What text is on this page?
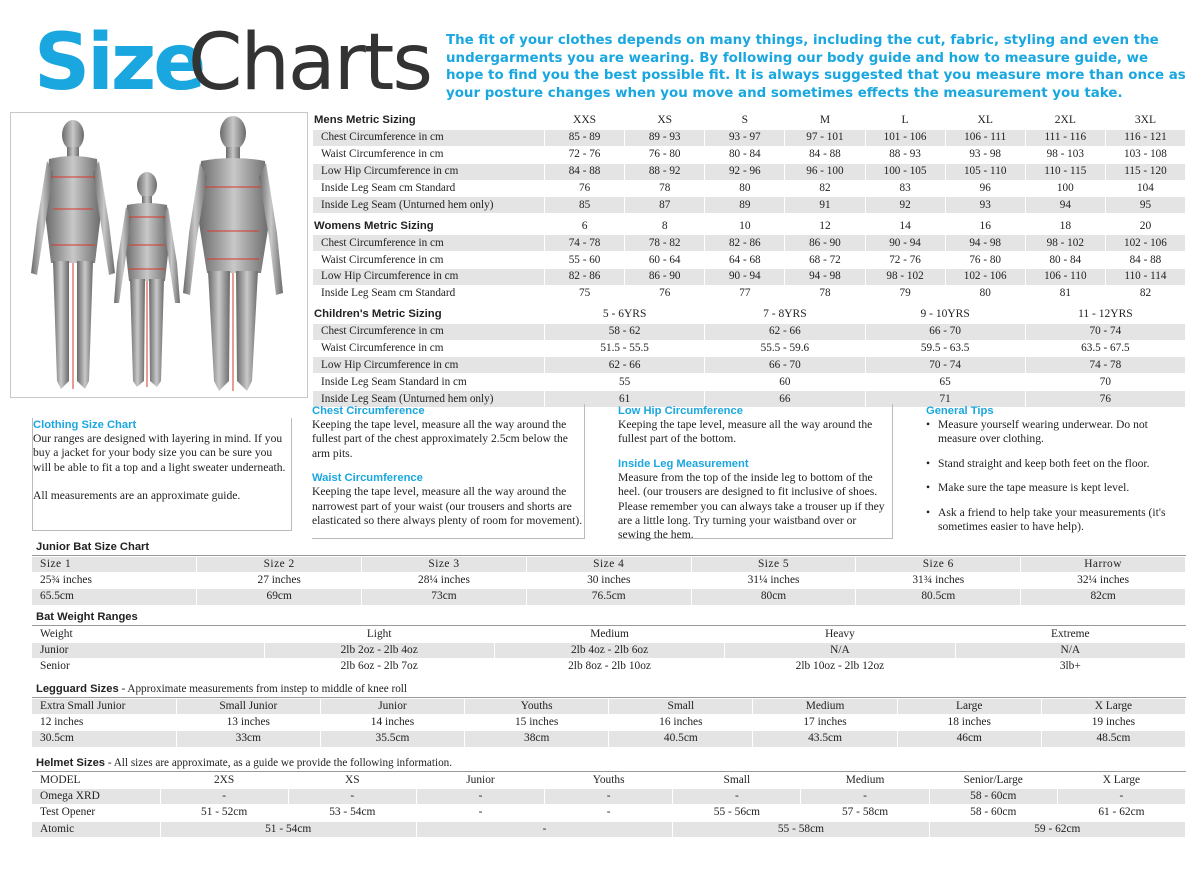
Size
Charts The fit of your clothes depends on many things, including the cut, fabric, styling and even the undergarments you are wearing. By following our body guide and how to measure guide, we hope to find you the best possible fit. It is always suggested that you measure more than once as your posture changes when you move and sometimes effects the measurement you take.
Mens Metric Sizing	XXS	XS	S	M	L	XL	2XL	3XL
Chest Circumference in cm	85 - 89	89 - 93	93 - 97	97 - 101	101 - 106	106 - 111	111 - 116	116 - 121
Waist Circumference in cm	72 - 76	76 - 80	80 - 84	84 - 88	88 - 93	93 - 98	98 - 103	103 - 108
Low Hip Circumference in cm	84 - 88	88 - 92	92 - 96	96 - 100	100 - 105	105 - 110	110 - 115	115 - 120
Inside Leg Seam cm Standard	76	78	80	82	83	96	100	104
Inside Leg Seam (Unturned hem only)	85	87	89	91	92	93	94	95

Womens Metric Sizing	6	8	10	12	14	16	18	20
Chest Circumference in cm	74 - 78	78 - 82	82 - 86	86 - 90	90 - 94	94 - 98	98 - 102	102 - 106
Waist Circumference in cm	55 - 60	60 - 64	64 - 68	68 - 72	72 - 76	76 - 80	80 - 84	84 - 88
Low Hip Circumference in cm	82 - 86	86 - 90	90 - 94	94 - 98	98 - 102	102 - 106	106 - 110	110 - 114
Inside Leg Seam cm Standard	75	76	77	78	79	80	81	82

Children's Metric Sizing	5 - 6YRS		7 - 8YRS		9 - 10YRS		11 - 12YRS	
Chest Circumference in cm	58 - 62		62 - 66		66 - 70		70 - 74	
Waist Circumference in cm	51.5 - 55.5		55.5 - 59.6		59.5 - 63.5		63.5 - 67.5	
Low Hip Circumference in cm	62 - 66		66 - 70		70 - 74		74 - 78	
Inside Leg Seam Standard in cm	55		60		65		70	
Inside Leg Seam (Unturned hem only)	61		66		71		76	
Clothing Size Chart
Our ranges are designed with layering in mind. If you buy a jacket for your body size you can be sure you will be able to fit a top and a light sweater underneath.
All measurements are an approximate guide.
Chest Circumference
Keeping the tape level, measure all the way around the fullest part of the chest approximately 2.5cm below the arm pits.
Waist Circumference
Keeping the tape level, measure all the way around the narrowest part of your waist (our trousers and shorts are elasticated so there always plenty of room for movement).
Low Hip Circumference
Keeping the tape level, measure all the way around the fullest part of the bottom.
Inside Leg Measurement
Measure from the top of the inside leg to bottom of the heel. (our trousers are designed to fit inclusive of shoes. Please remember you can always take a trouser up if they are a little long. Try turning your waistband over or sewing the hem.
General Tips
• Measure yourself wearing underwear. Do not measure over clothing.
• Stand straight and keep both feet on the floor.
• Make sure the tape measure is kept level.
• Ask a friend to help take your measurements (it's sometimes easier to have help).
Junior Bat Size Chart
Size 1	Size 2	Size 3	Size 4	Size 5	Size 6	Harrow
25¾ inches	27 inches	28¼ inches	30 inches	31¼ inches	31¾ inches	32¼ inches
65.5cm	69cm	73cm	76.5cm	80cm	80.5cm	82cm
Bat Weight Ranges
Weight	Light	Medium	Heavy	Extreme
Junior	2lb 2oz - 2lb 4oz	2lb 4oz - 2lb 6oz	N/A	N/A
Senior	2lb 6oz - 2lb 7oz	2lb 8oz - 2lb 10oz	2lb 10oz - 2lb 12oz	3lb+
Legguard Sizes - Approximate measurements from instep to middle of knee roll
Extra Small Junior	Small Junior	Junior	Youths	Small	Medium	Large	X Large
12 inches	13 inches	14 inches	15 inches	16 inches	17 inches	18 inches	19 inches
30.5cm	33cm	35.5cm	38cm	40.5cm	43.5cm	46cm	48.5cm
Helmet Sizes - All sizes are approximate, as a guide we provide the following information.
MODEL	2XS	XS	Junior	Youths	Small	Medium	Senior/Large	X Large
Omega XRD	-	-	-	-	-	-	58 - 60cm	-
Test Opener	51 - 52cm	53 - 54cm	-	-	55 - 56cm	57 - 58cm	58 - 60cm	61 - 62cm
Atomic	51 - 54cm		-		55 - 58cm		59 - 62cm	
